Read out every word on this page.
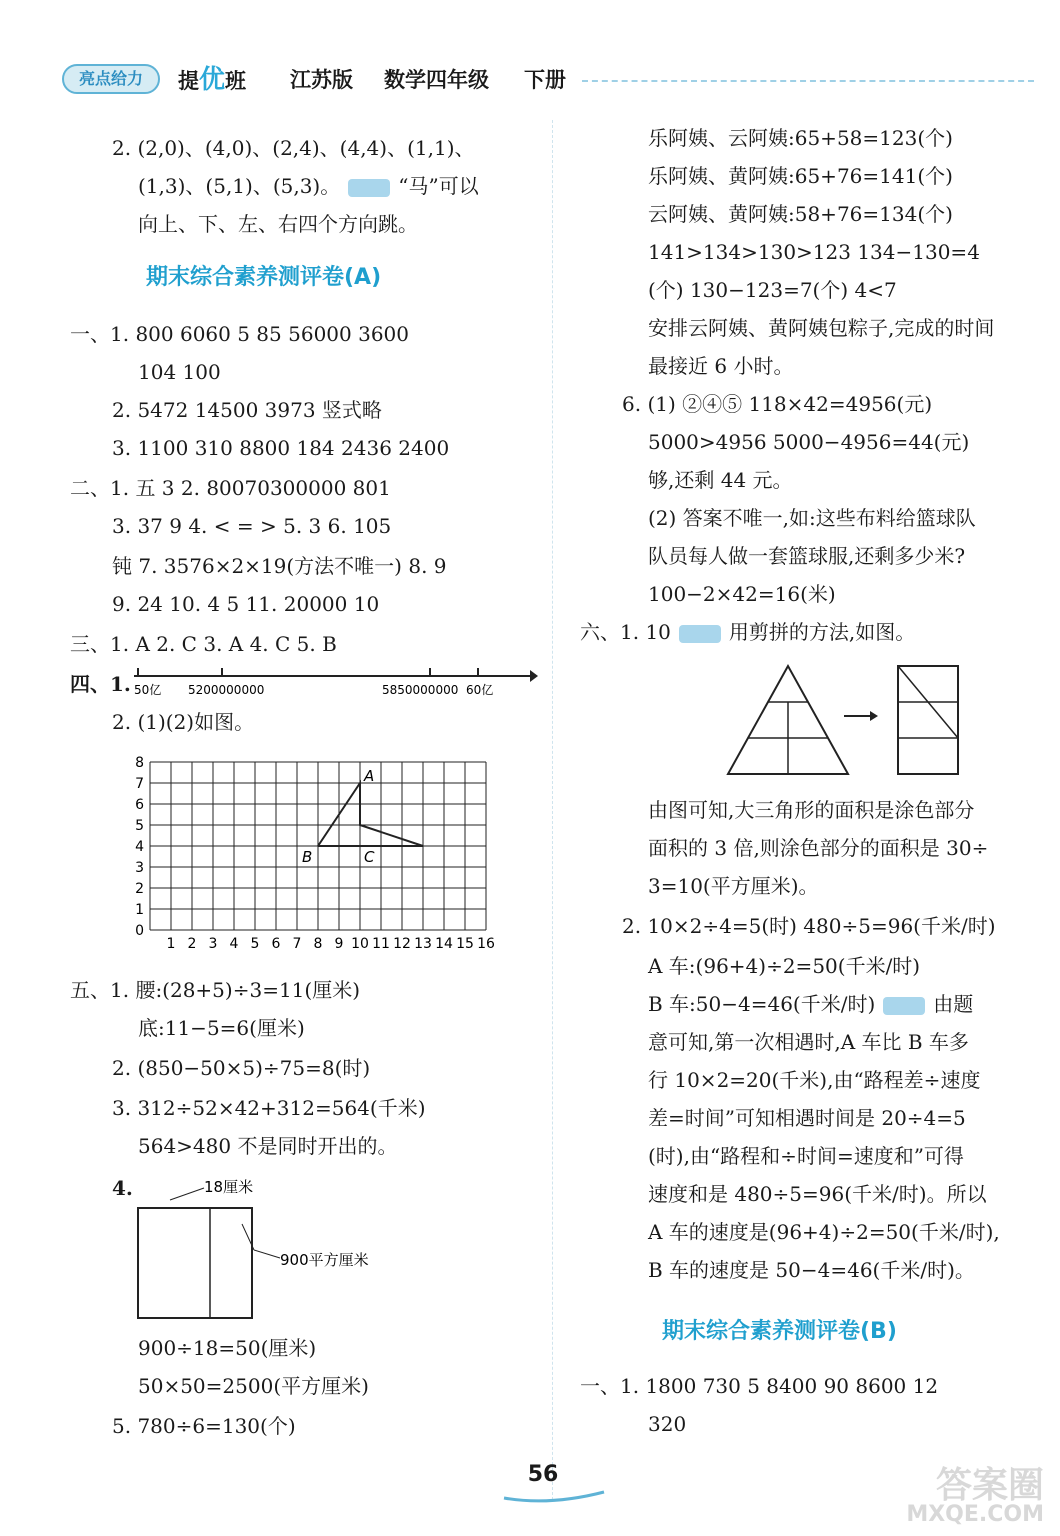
亮点给力	提优班 江苏版 数学四年级 下册
2. (2,0)、(4,0)、(2,4)、(4,4)、(1,1)、
(1,3)、(5,1)、(5,3)。	“马”可以
向上、下、左、右四个方向跳。
期末综合素养测评卷(A)
一、1. 800 6060 5 85 56000 3600
104 100
2. 5472 14500 3973 竖式略
3. 1100 310 8800 184 2436 2400
二、1. 五 3 2. 80070300000 801
3. 37 9 4. < = > 5. 3 6. 105
钝 7. 3576×2×19(方法不唯一) 8. 9
9. 24 10. 4 5 11. 20000 10
三、1. A 2. C 3. A 4. C 5. B
四、1. 50亿 5200000000	5850000000 60亿
2. (1)(2)如图。
1 2 3 4 5 6 7 8 9 10 11 12 13 14 15 16
0
1
2
3
4
5
6
7
8
A
B	C
五、1. 腰:(28+5)÷3=11(厘米)
底:11−5=6(厘米)
2. (850−50×5)÷75=8(时)
3. 312÷52×42+312=564(千米)
564>480 不是同时开出的。
4.	18厘米
900平方厘米
900÷18=50(厘米)
50×50=2500(平方厘米)
5. 780÷6=130(个)
乐阿姨、云阿姨:65+58=123(个)
乐阿姨、黄阿姨:65+76=141(个)
云阿姨、黄阿姨:58+76=134(个)
141>134>130>123 134−130=4
(个) 130−123=7(个) 4<7
安排云阿姨、黄阿姨包粽子,完成的时间
最接近 6 小时。
6. (1) ②④⑤ 118×42=4956(元)
5000>4956 5000−4956=44(元)
够,还剩 44 元。
(2) 答案不唯一,如:这些布料给篮球队
队员每人做一套篮球服,还剩多少米?
100−2×42=16(米)
六、1. 10	用剪拼的方法,如图。
由图可知,大三角形的面积是涂色部分
面积的 3 倍,则涂色部分的面积是 30÷
3=10(平方厘米)。
2. 10×2÷4=5(时) 480÷5=96(千米/时)
A 车:(96+4)÷2=50(千米/时)
B 车:50−4=46(千米/时)	由题
意可知,第一次相遇时,A 车比 B 车多
行 10×2=20(千米),由“路程差÷速度
差=时间”可知相遇时间是 20÷4=5
(时),由“路程和÷时间=速度和”可得
速度和是 480÷5=96(千米/时)。所以
A 车的速度是(96+4)÷2=50(千米/时),
B 车的速度是 50−4=46(千米/时)。
期末综合素养测评卷(B)
一、1. 1800 730 5 8400 90 8600 12
320
56	答案圈
MXQE.COM
